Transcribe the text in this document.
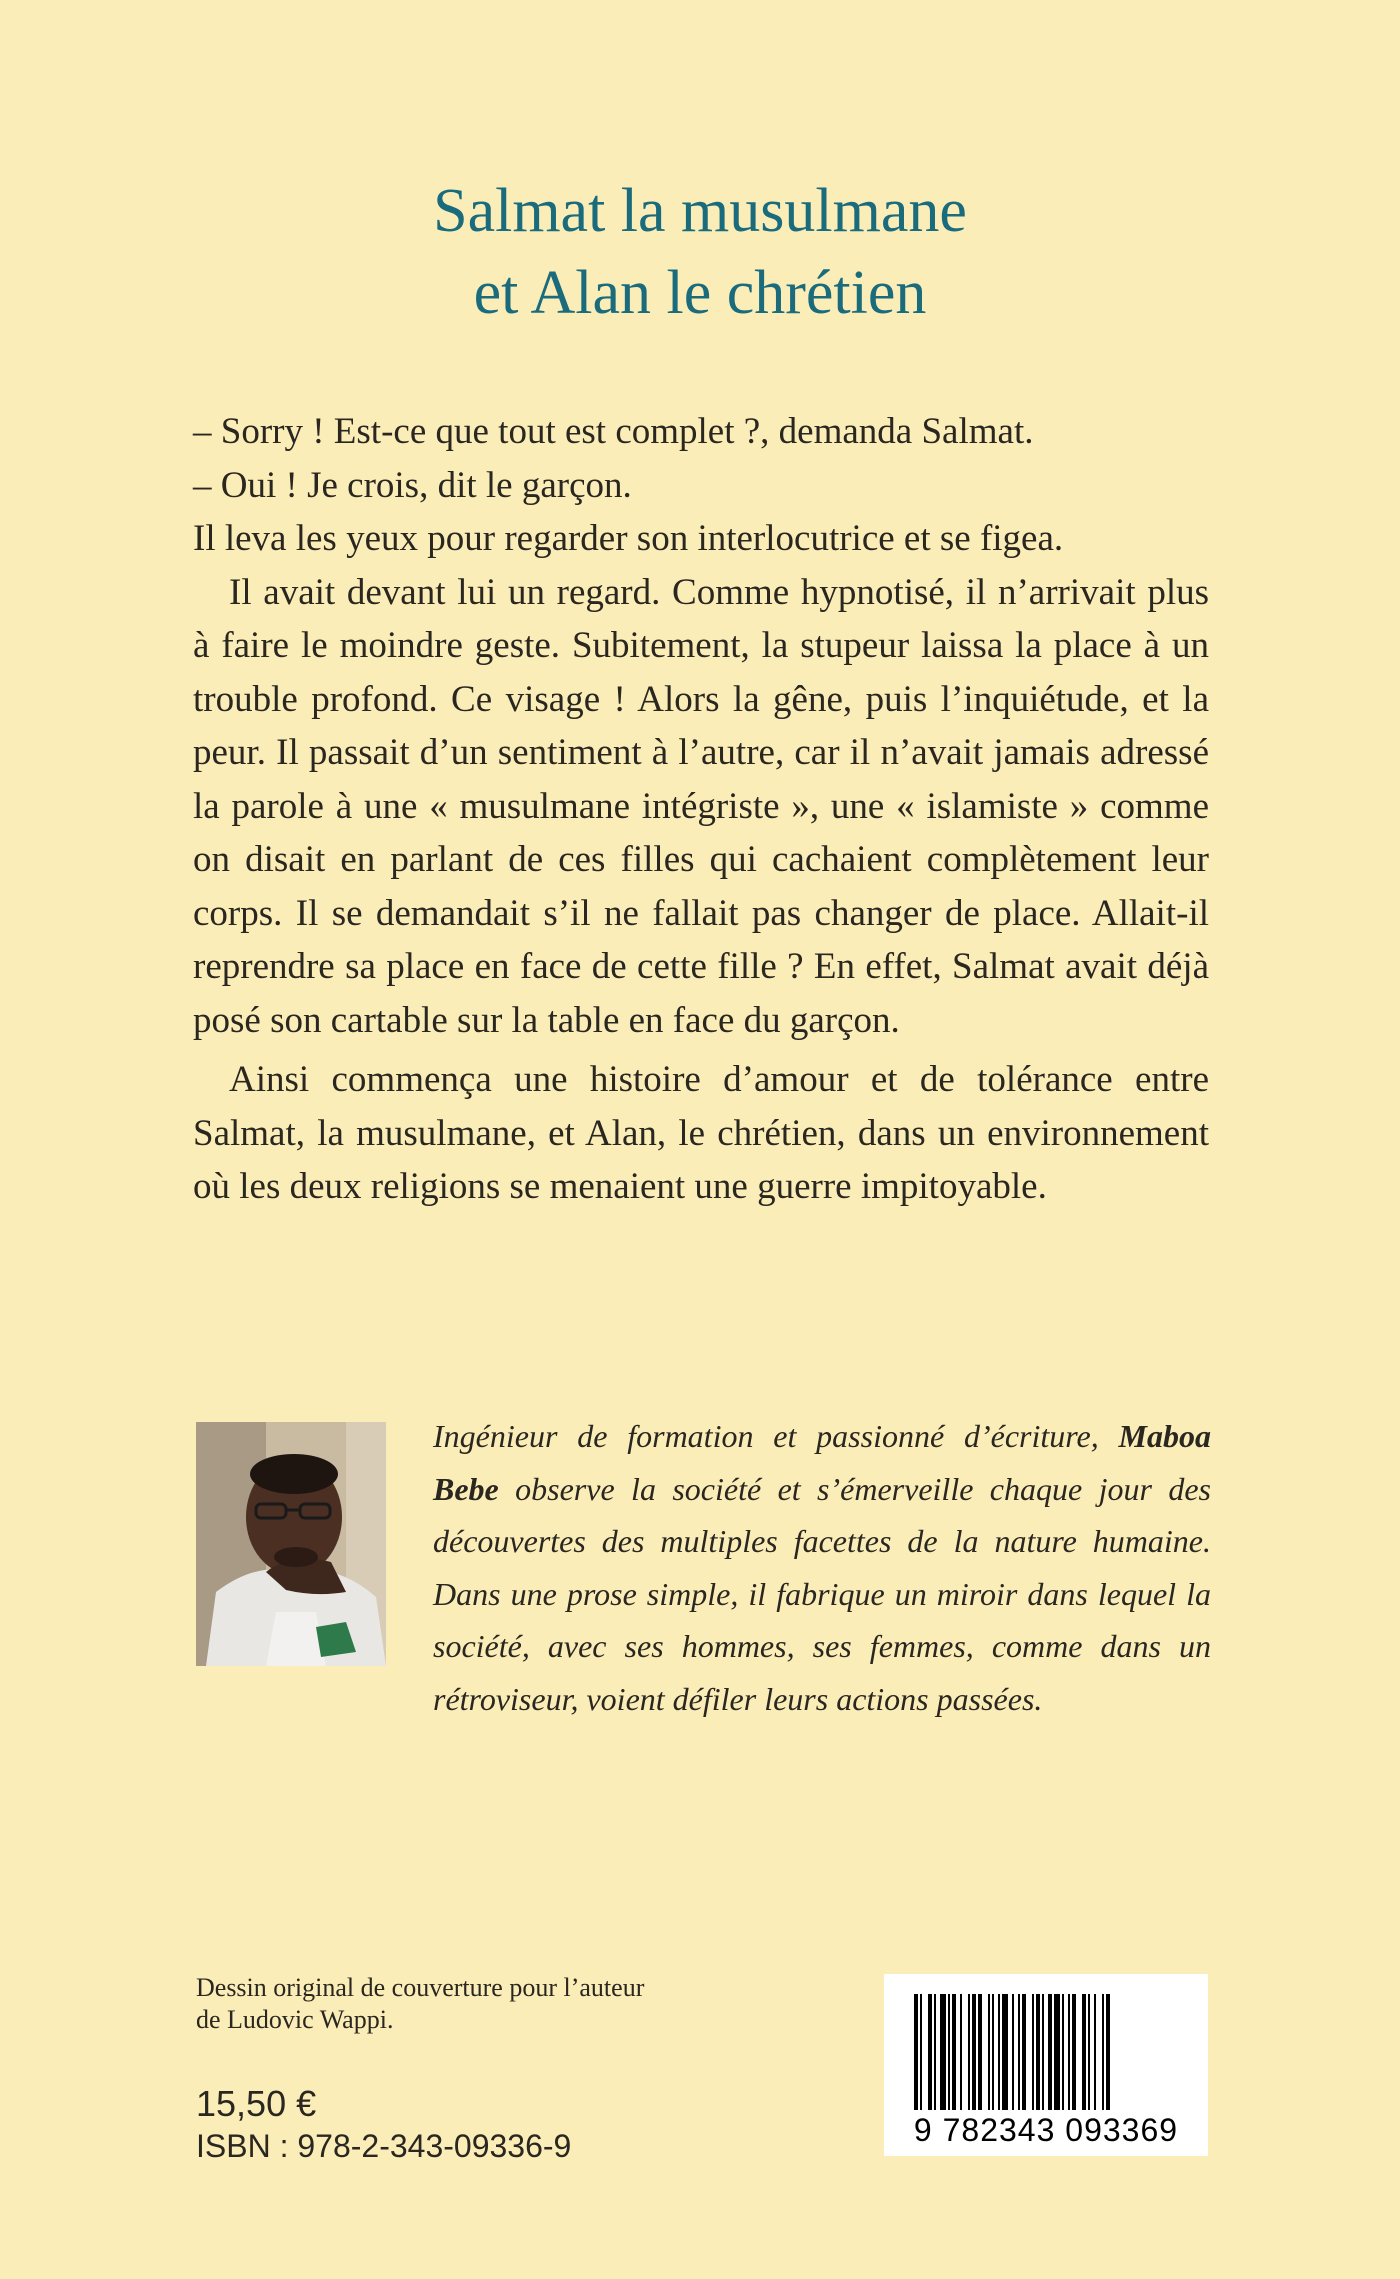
Salmat la musulmane
et Alan le chrétien

– Sorry ! Est-ce que tout est complet ?, demanda Salmat.

– Oui ! Je crois, dit le garçon.

Il leva les yeux pour regarder son interlocutrice et se figea.

Il avait devant lui un regard. Comme hypnotisé, il n’arrivait plus à faire le moindre geste. Subitement, la stupeur laissa la place à un trouble profond. Ce visage ! Alors la gêne, puis l’inquiétude, et la peur. Il passait d’un sentiment à l’autre, car il n’avait jamais adressé la parole à une « musulmane intégriste », une « islamiste » comme on disait en parlant de ces filles qui cachaient complètement leur corps. Il se demandait s’il ne fallait pas changer de place. Allait-il reprendre sa place en face de cette fille ? En effet, Salmat avait déjà posé son cartable sur la table en face du garçon.

Ainsi commença une histoire d’amour et de tolérance entre Salmat, la musulmane, et Alan, le chrétien, dans un environnement où les deux religions se menaient une guerre impitoyable.

Ingénieur de formation et passionné d’écriture, Maboa Bebe observe la société et s’émerveille chaque jour des découvertes des multiples facettes de la nature humaine. Dans une prose simple, il fabrique un miroir dans lequel la société, avec ses hommes, ses femmes, comme dans un rétroviseur, voient défiler leurs actions passées.
Dessin original de couverture pour l’auteur
de Ludovic Wappi.
15,50 €
ISBN : 978-2-343-09336-9	9 782343 093369
